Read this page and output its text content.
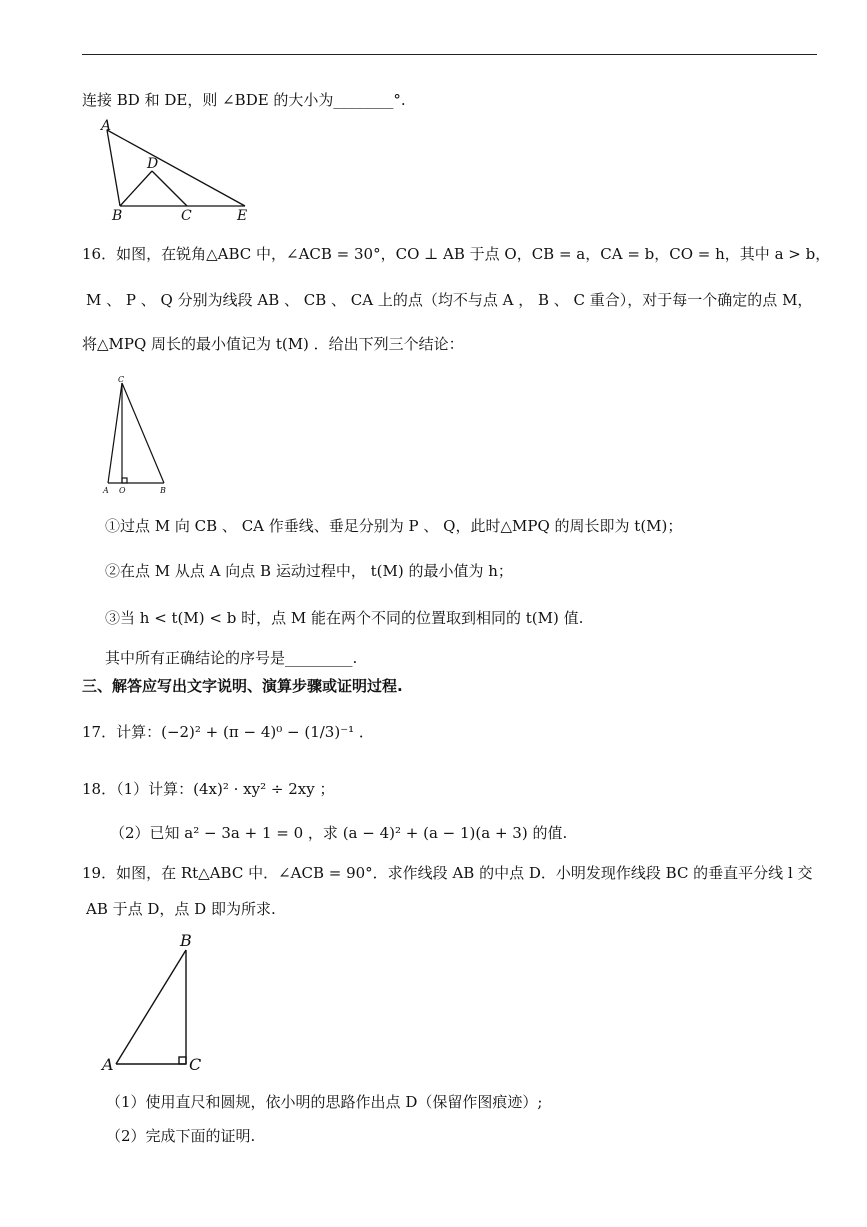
连接 BD 和 DE，则 ∠BDE 的大小为________°.
A
D
B	C	E
16．如图，在锐角△ABC 中，∠ACB = 30°，CO ⊥ AB 于点 O，CB = a，CA = b，CO = h，其中 a > b，
M 、 P 、 Q 分别为线段 AB 、 CB 、 CA 上的点（均不与点 A ， B 、 C 重合），对于每一个确定的点 M，
将△MPQ 周长的最小值记为 t(M) ．给出下列三个结论：
C
A O	B
①过点 M 向 CB 、 CA 作垂线、垂足分别为 P 、 Q，此时△MPQ 的周长即为 t(M)；
②在点 M 从点 A 向点 B 运动过程中， t(M) 的最小值为 h；
③当 h < t(M) < b 时，点 M 能在两个不同的位置取到相同的 t(M) 值.
其中所有正确结论的序号是_________.
三、解答应写出文字说明、演算步骤或证明过程.
17．计算：(−2)² + (π − 4)⁰ − (1/3)⁻¹ ．
18．（1）计算：(4x)² · xy² ÷ 2xy ；
（2）已知 a² − 3a + 1 = 0 ，求 (a − 4)² + (a − 1)(a + 3) 的值.
19．如图，在 Rt△ABC 中．∠ACB = 90°．求作线段 AB 的中点 D．小明发现作线段 BC 的垂直平分线 l 交
AB 于点 D，点 D 即为所求.
B
A	C
（1）使用直尺和圆规，依小明的思路作出点 D（保留作图痕迹）;
（2）完成下面的证明.
